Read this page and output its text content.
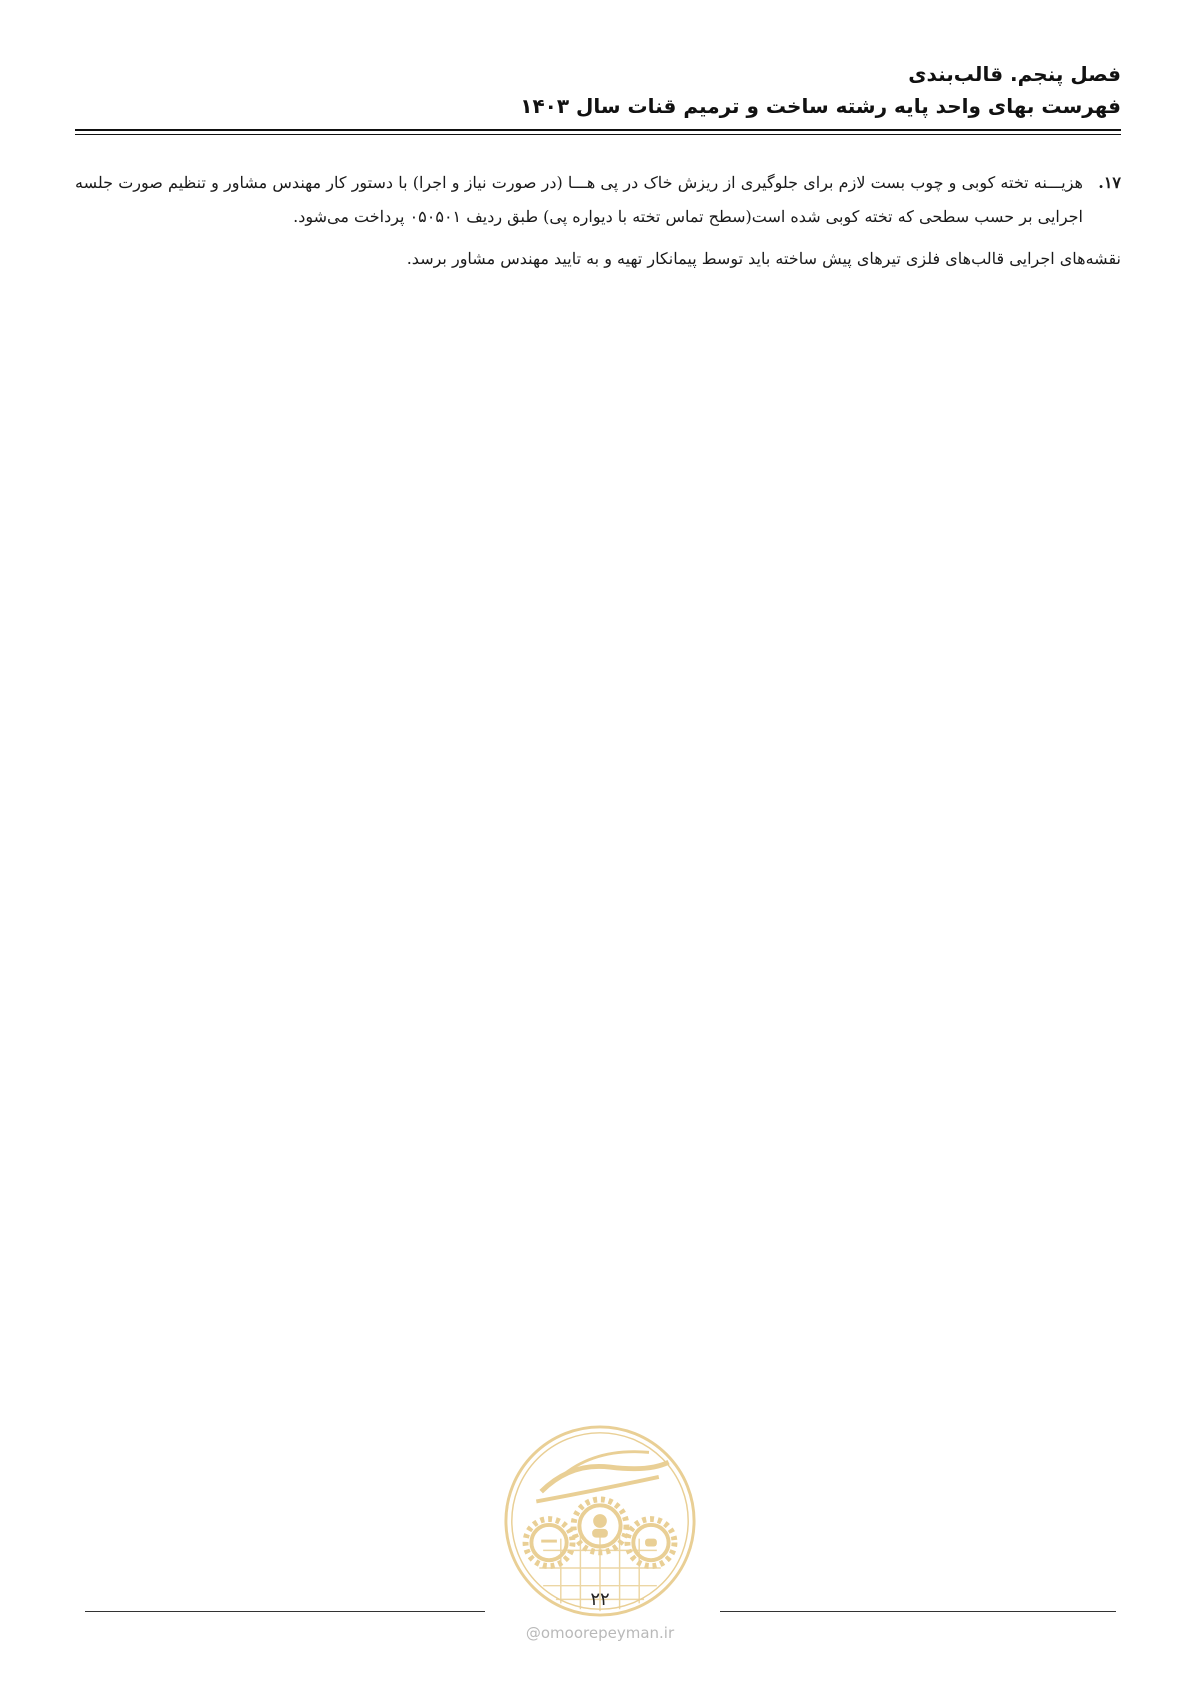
فصل پنجم. قالب‌بندی
فهرست بهای واحد پایه رشته ساخت و ترمیم قنات سال ۱۴۰۳
۱۷.
هزیـــنه تخته کوبی و چوب بست لازم برای جلوگیری از ریزش خاک در پی هـــا (در صورت نیاز و اجرا) با دستور کار مهندس مشاور و تنظیم صورت جلسه اجرایی بر حسب سطحی که تخته کوبی شده است(سطح تماس تخته با دیواره پی) طبق ردیف ۰۵۰۵۰۱ پرداخت می‌شود.

نقشه‌های اجرایی قالب‌های فلزی تیرهای پیش ساخته باید توسط پیمانکار تهیه و به تایید مهندس مشاور برسد.

۲۲
@omoorepeyman.ir
